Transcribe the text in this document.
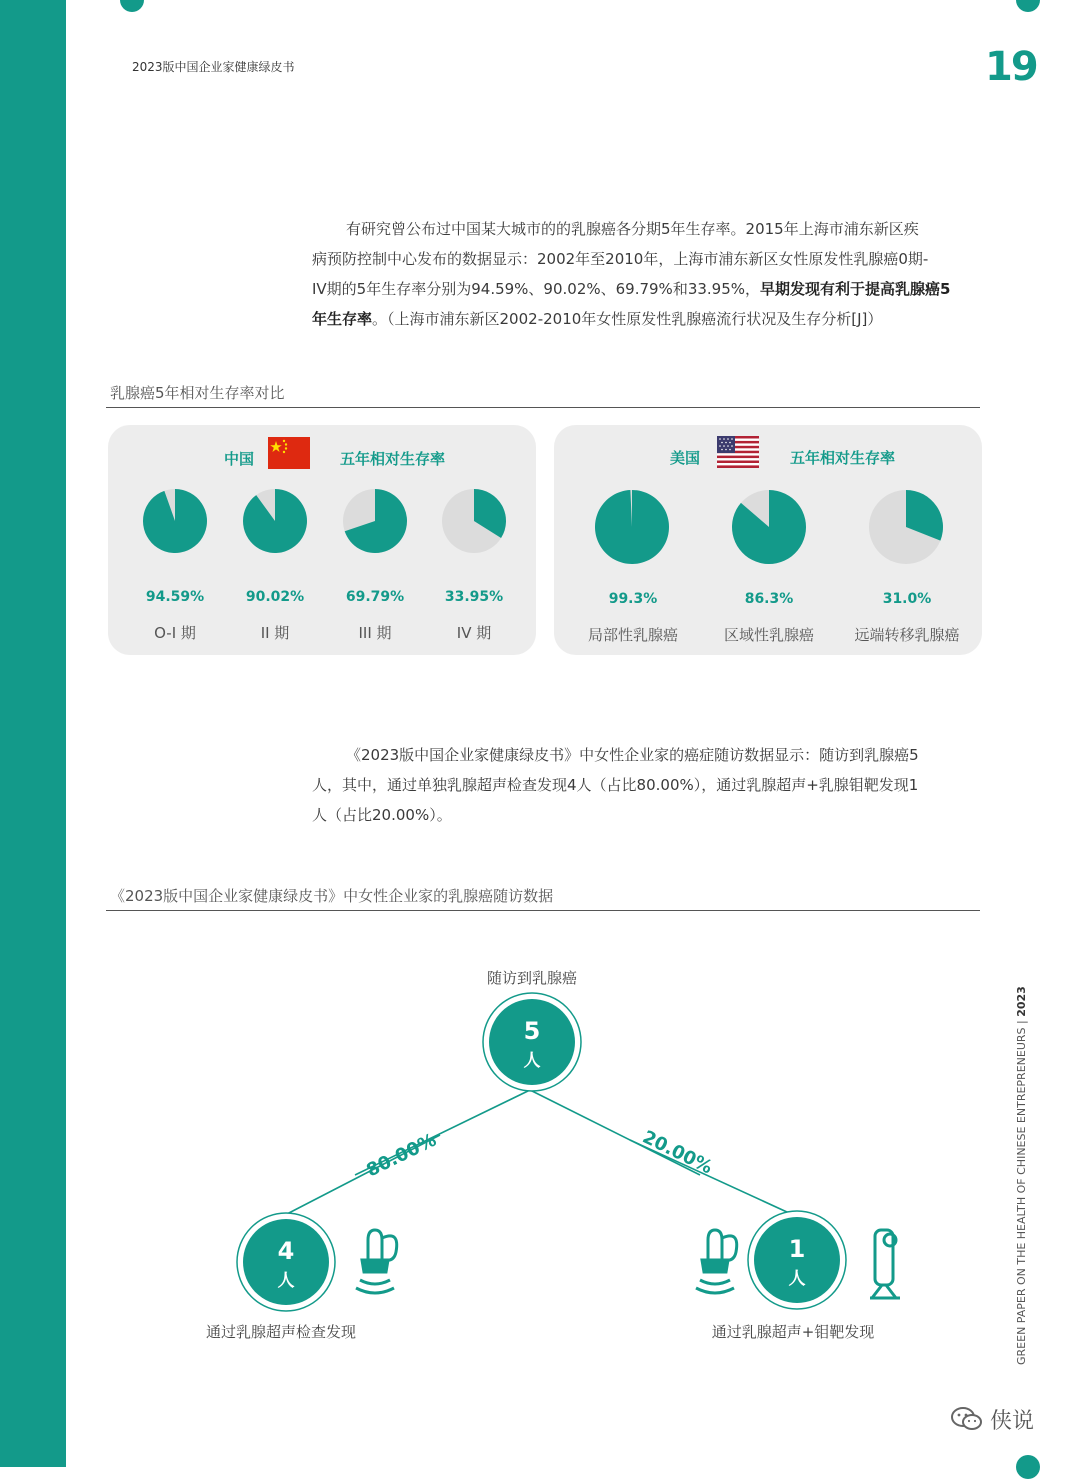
2023版中国企业家健康绿皮书	19
有研究曾公布过中国某大城市的的乳腺癌各分期5年生存率。2015年上海市浦东新区疾
病预防控制中心发布的数据显示：2002年至2010年，上海市浦东新区女性原发性乳腺癌0期-
IV期的5年生存率分别为94.59%、90.02%、69.79%和33.95%，早期发现有利于提高乳腺癌5
年生存率。（上海市浦东新区2002-2010年女性原发性乳腺癌流行状况及生存分析[J]）
乳腺癌5年相对生存率对比
中国	五年相对生存率
94.59%	90.02%	69.79%	33.95%
O-I 期	II 期	III 期	IV 期
美国	五年相对生存率
99.3%	86.3%	31.0%
局部性乳腺癌	区域性乳腺癌	远端转移乳腺癌
《2023版中国企业家健康绿皮书》中女性企业家的癌症随访数据显示：随访到乳腺癌5
人，其中，通过单独乳腺超声检查发现4人（占比80.00%），通过乳腺超声+乳腺钼靶发现1
人（占比20.00%）。
《2023版中国企业家健康绿皮书》中女性企业家的乳腺癌随访数据
随访到乳腺癌
5
人
4
人
1
人
80.00%	20.00%
通过乳腺超声检查发现	通过乳腺超声+钼靶发现	GREEN PAPER ON THE HEALTH OF CHINESE ENTREPRENEURS | 2023
侠说
